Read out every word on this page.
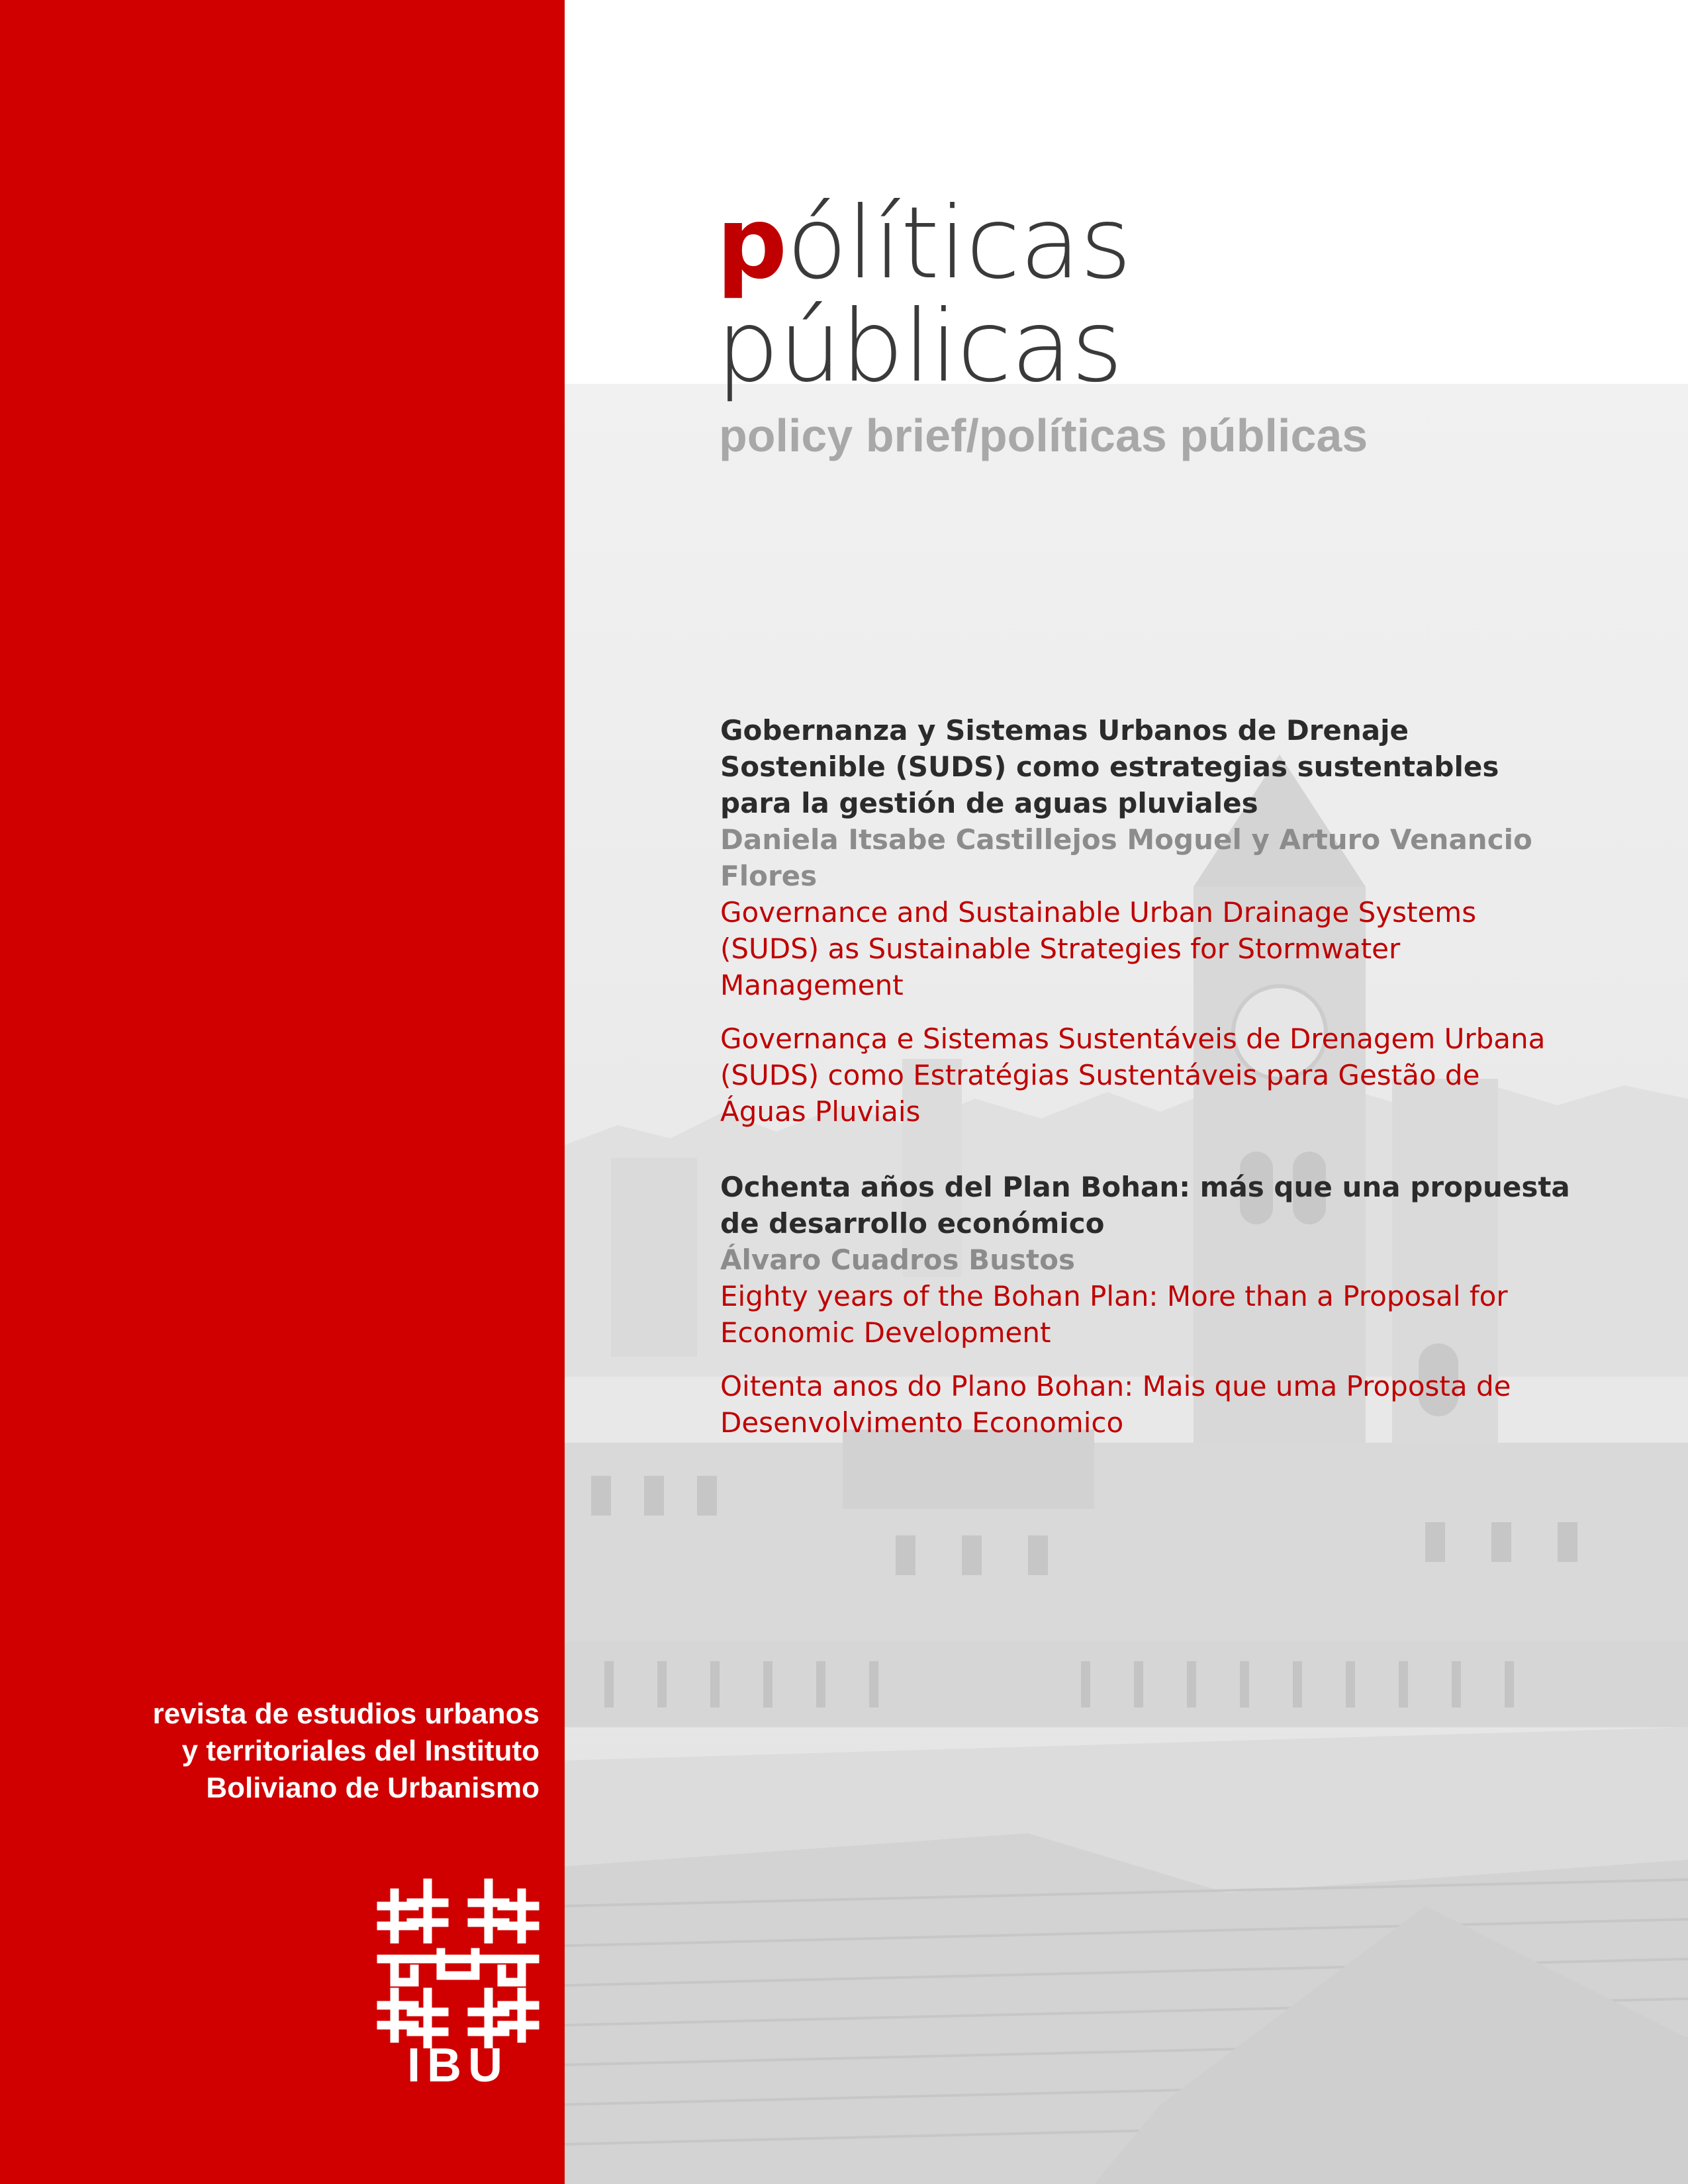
pólíticas
públicas
policy brief/políticas públicas
Gobernanza y Sistemas Urbanos de Drenaje Sostenible (SUDS) como estrategias sustentables para la gestión de aguas pluviales
Daniela Itsabe Castillejos Moguel y Arturo Venancio Flores
Governance and Sustainable Urban Drainage Systems (SUDS) as Sustainable Strategies for Stormwater Management
Governança e Sistemas Sustentáveis de Drenagem Urbana (SUDS) como Estratégias Sustentáveis para Gestão de Águas Pluviais
Ochenta años del Plan Bohan: más que una propuesta de desarrollo económico
Álvaro Cuadros Bustos
Eighty years of the Bohan Plan: More than a Proposal for Economic Development
Oitenta anos do Plano Bohan: Mais que uma Proposta de Desenvolvimento Economico
revista de estudios urbanos
y territoriales del Instituto
Boliviano de Urbanismo
IBU
